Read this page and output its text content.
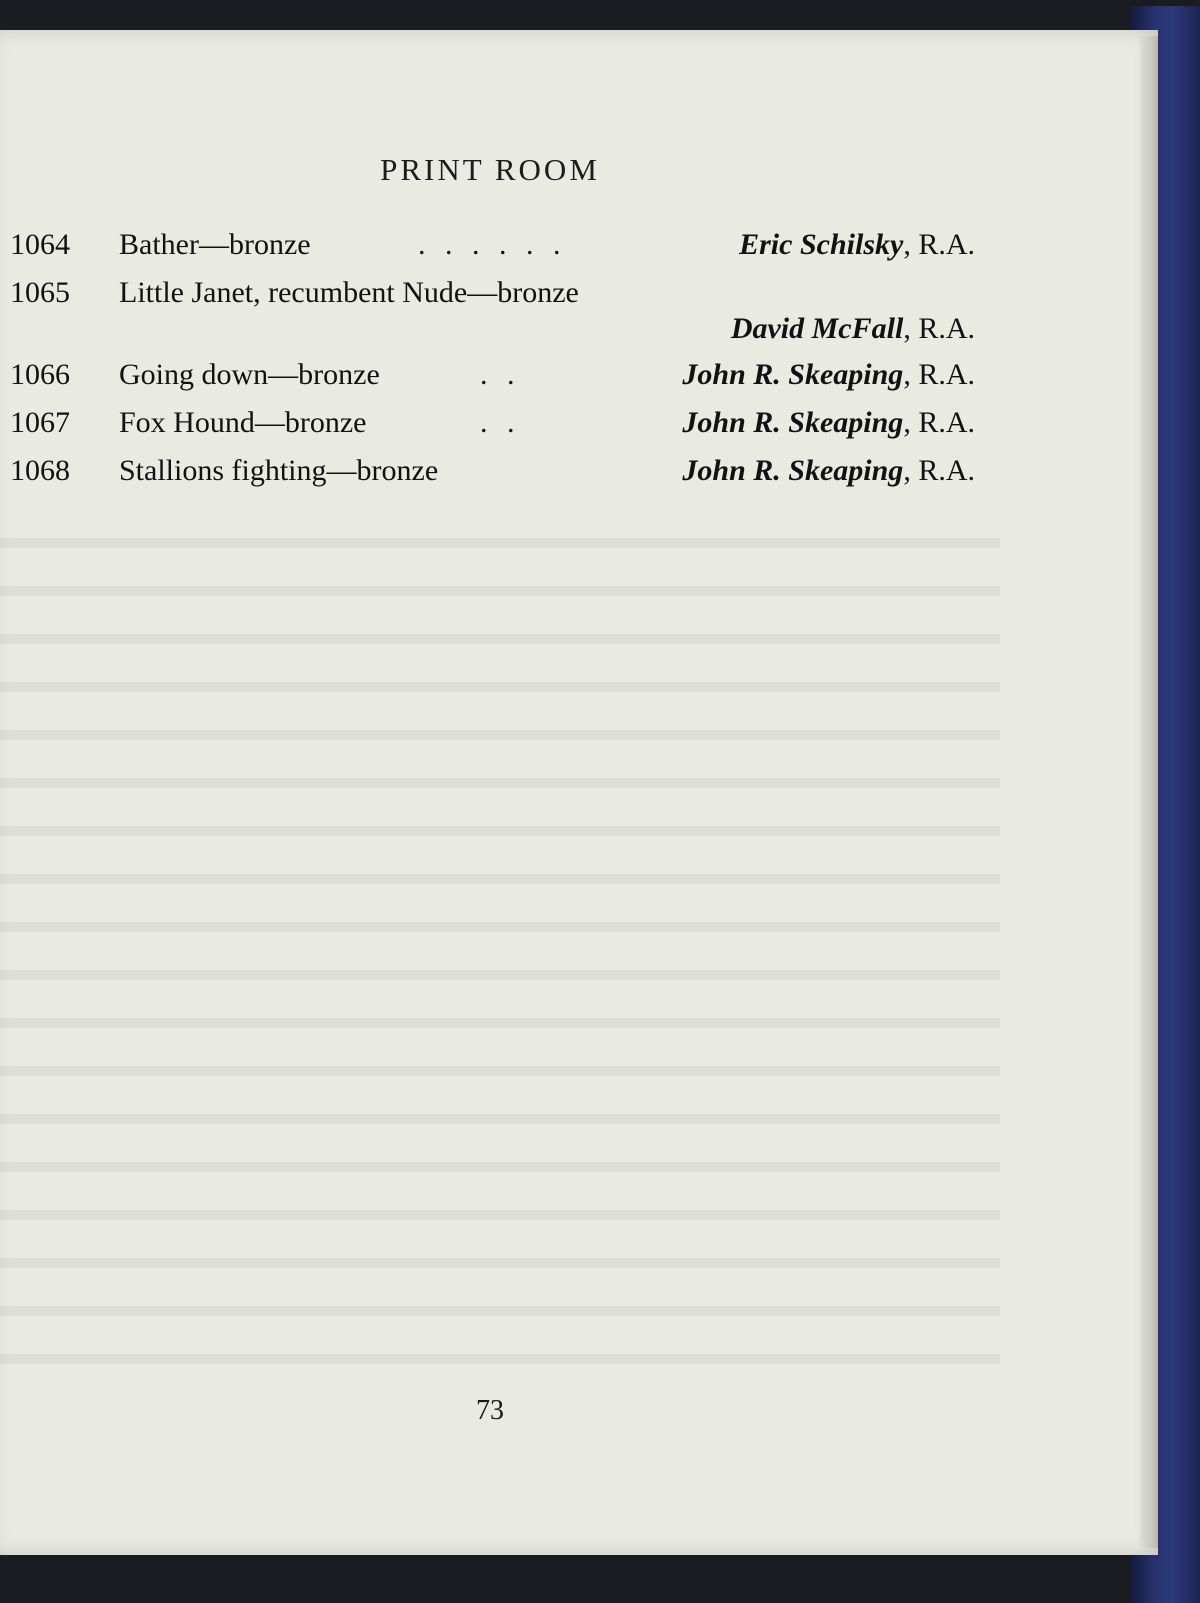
PRINT ROOM
1064 Bather—bronze	. . . . . .	Eric Schilsky, R.A.
1065 Little Janet, recumbent Nude—bronze
David McFall, R.A.
1066 Going down—bronze	. .	John R. Skeaping, R.A.
1067 Fox Hound—bronze	. .	John R. Skeaping, R.A.
1068 Stallions fighting—bronze	John R. Skeaping, R.A.
73
